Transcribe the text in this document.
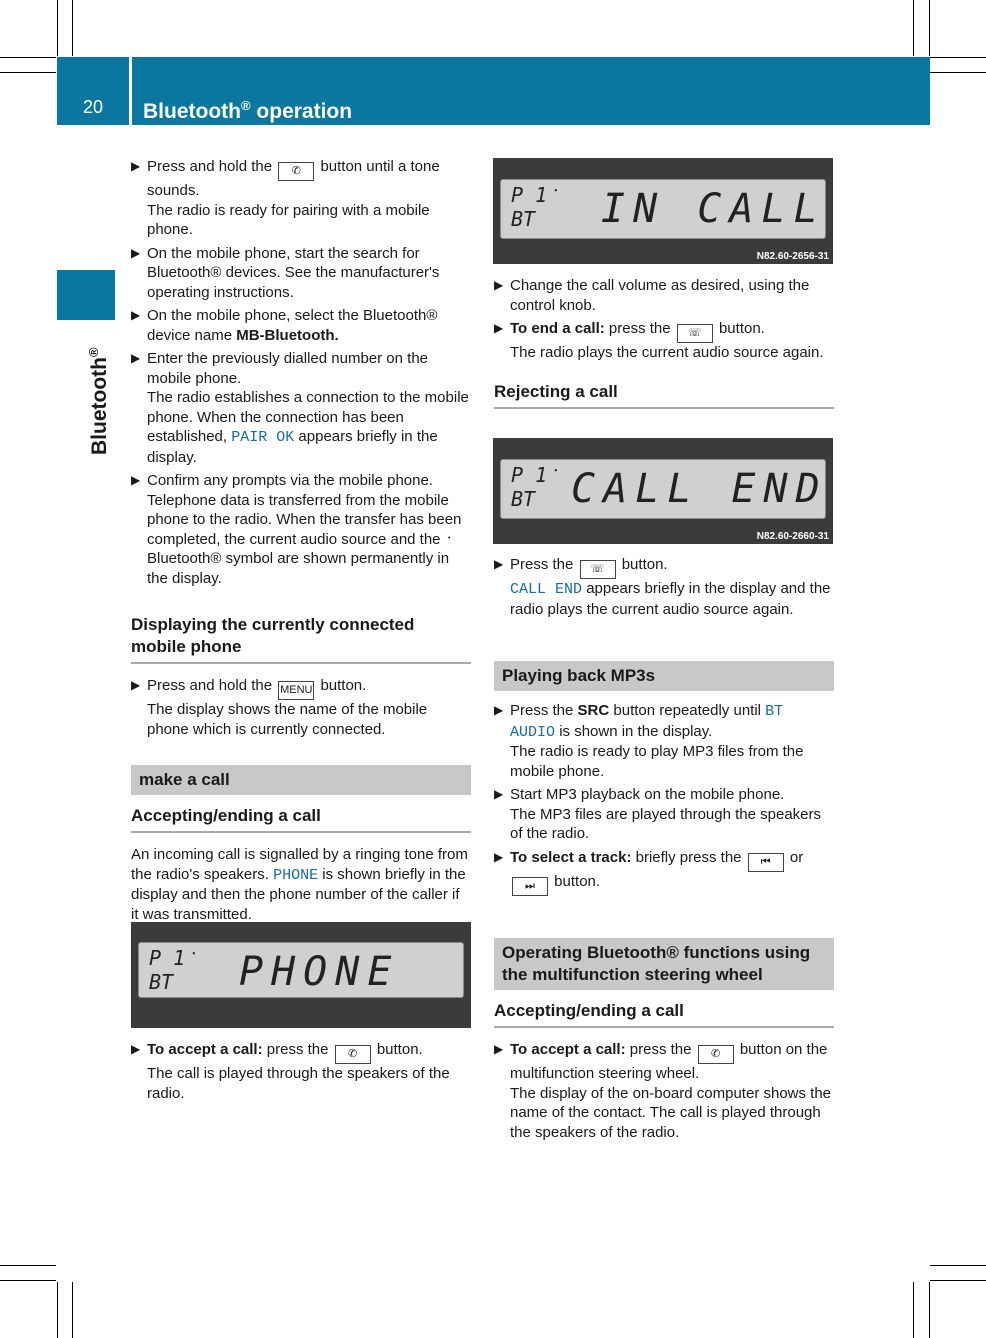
20	Bluetooth® operation
Bluetooth®
▶ Press and hold the ✆ button until a tone sounds.
The radio is ready for pairing with a mobile phone.
▶ On the mobile phone, start the search for Bluetooth® devices. See the manufacturer's operating instructions.
▶ On the mobile phone, select the Bluetooth® device name MB-Bluetooth.
▶ Enter the previously dialled number on the mobile phone.
The radio establishes a connection to the mobile phone. When the connection has been established, PAIR OK appears briefly in the display.
▶ Confirm any prompts via the mobile phone.
Telephone data is transferred from the mobile phone to the radio. When the transfer has been completed, the current audio source and the ᛫ Bluetooth® symbol are shown permanently in the display.
Displaying the currently connected mobile phone
▶ Press and hold the MENU button.
The display shows the name of the mobile phone which is currently connected.
make a call
Accepting/ending a call

An incoming call is signalled by a ringing tone from the radio's speakers. PHONE is shown briefly in the display and then the phone number of the caller if it was transmitted.

P 1 ᛫
BT PHONE
▶ To accept a call: press the ✆ button.
The call is played through the speakers of the radio.
P 1 ᛫
BT IN CALL
N82.60-2656-31
▶ Change the call volume as desired, using the control knob.
▶ To end a call: press the ☏ button.
The radio plays the current audio source again.
Rejecting a call
P 1 ᛫
BT CALL END
N82.60-2660-31
▶ Press the ☏ button.
CALL END appears briefly in the display and the radio plays the current audio source again.
Playing back MP3s
▶ Press the SRC button repeatedly until BT AUDIO is shown in the display.
The radio is ready to play MP3 files from the mobile phone.
▶ Start MP3 playback on the mobile phone.
The MP3 files are played through the speakers of the radio.
▶ To select a track: briefly press the ⏮ or
⏭ button.
Operating Bluetooth® functions using the multifunction steering wheel
Accepting/ending a call
▶ To accept a call: press the ✆ button on the multifunction steering wheel.
The display of the on-board computer shows the name of the contact. The call is played through the speakers of the radio.
